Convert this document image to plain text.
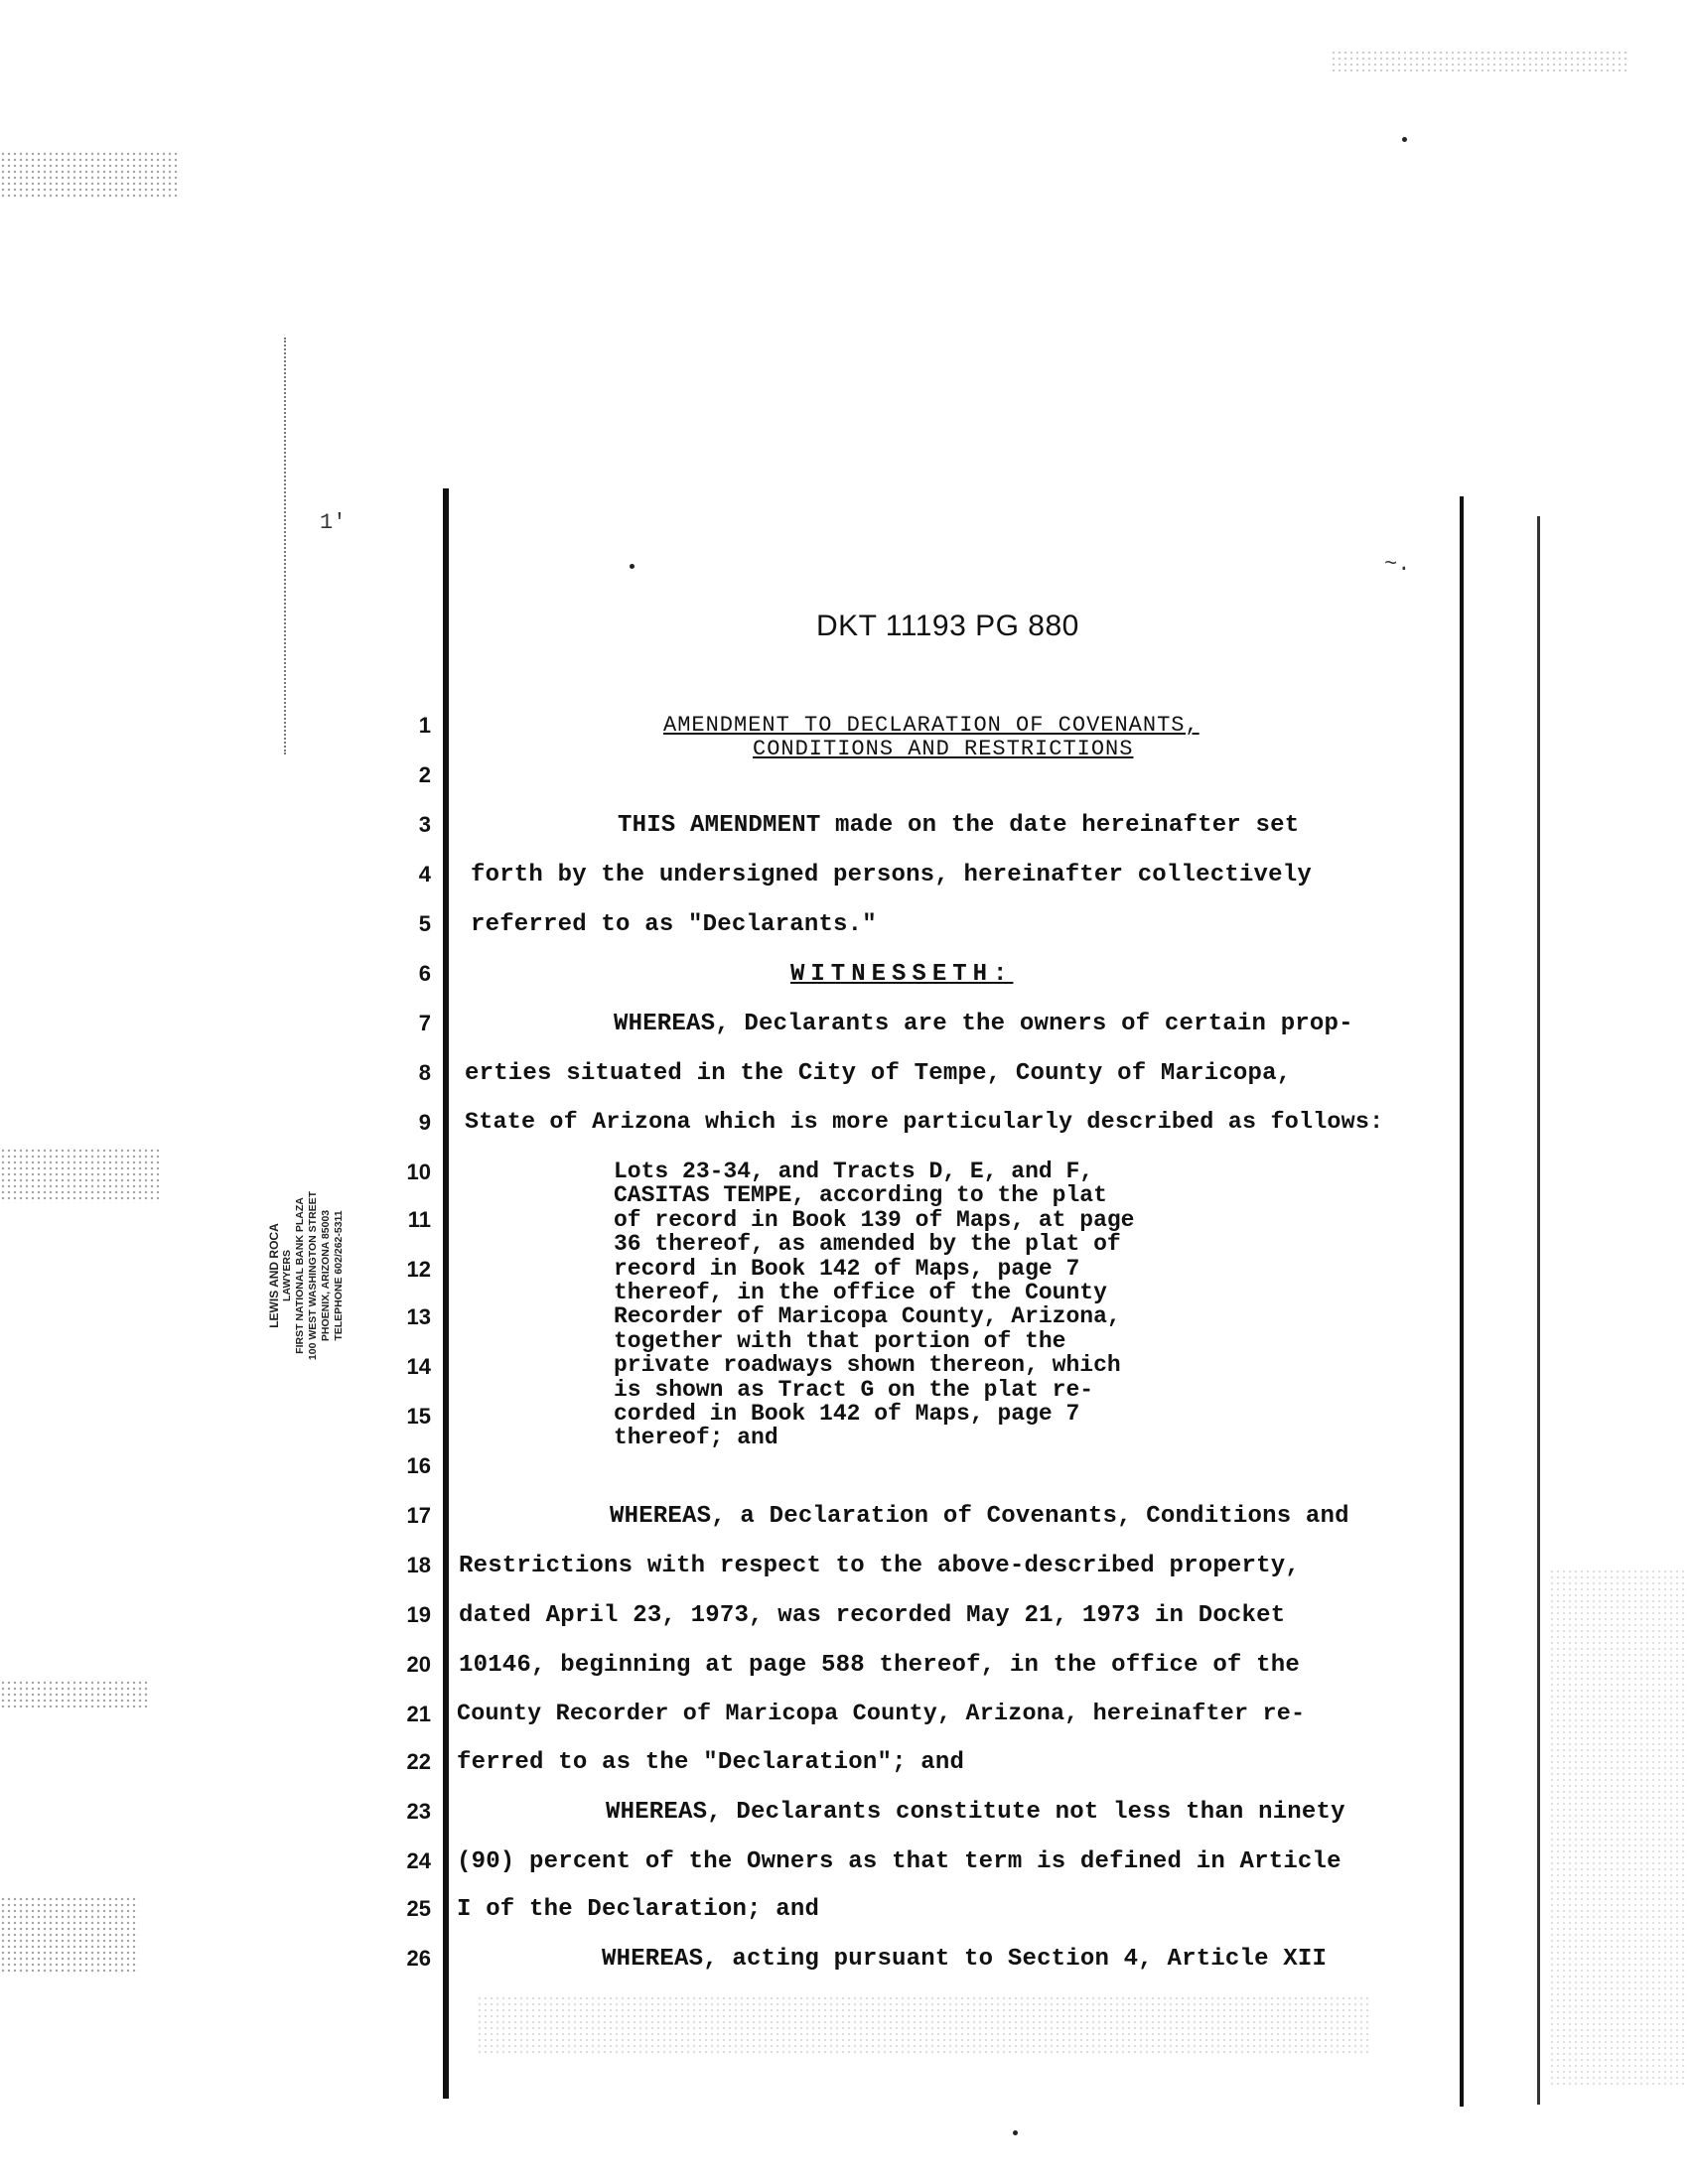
1′
~.
DKT 11193 PG 880
1
2
3
4
5
6
7
8
9
10
11
12
13
14
15
16
17
18
19
20
21
22
23
24
25
26
AMENDMENT TO DECLARATION OF COVENANTS,
CONDITIONS AND RESTRICTIONS
THIS AMENDMENT made on the date hereinafter set
forth by the undersigned persons, hereinafter collectively
referred to as "Declarants."
WITNESSETH:
WHEREAS, Declarants are the owners of certain prop-
erties situated in the City of Tempe, County of Maricopa,
State of Arizona which is more particularly described as follows:
Lots 23-34, and Tracts D, E, and F,
CASITAS TEMPE, according to the plat
of record in Book 139 of Maps, at page
36 thereof, as amended by the plat of
record in Book 142 of Maps, page 7
thereof, in the office of the County
Recorder of Maricopa County, Arizona,
together with that portion of the
private roadways shown thereon, which
is shown as Tract G on the plat re-
corded in Book 142 of Maps, page 7
thereof; and
WHEREAS, a Declaration of Covenants, Conditions and
Restrictions with respect to the above-described property,
dated April 23, 1973, was recorded May 21, 1973 in Docket
10146, beginning at page 588 thereof, in the office of the
County Recorder of Maricopa County, Arizona, hereinafter re-
ferred to as the "Declaration"; and
WHEREAS, Declarants constitute not less than ninety
(90) percent of the Owners as that term is defined in Article
I of the Declaration; and
WHEREAS, acting pursuant to Section 4, Article XII
LEWIS AND ROCA LAWYERS FIRST NATIONAL BANK PLAZA 100 WEST WASHINGTON STREET PHOENIX, ARIZONA 85003 TELEPHONE 602/262-5311
